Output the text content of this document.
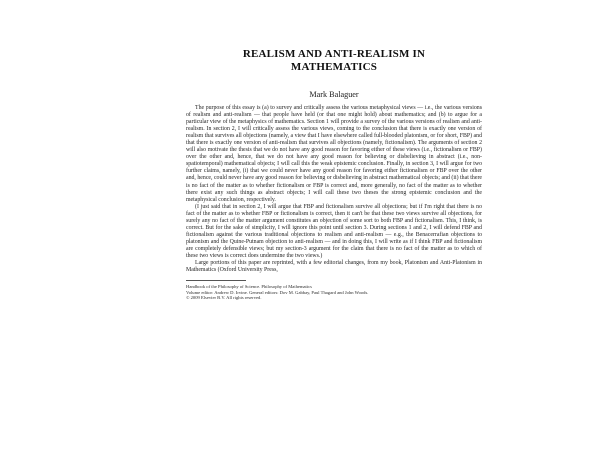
REALISM AND ANTI-REALISM IN
MATHEMATICS
Mark Balaguer

The purpose of this essay is (a) to survey and critically assess the various metaphysical views — i.e., the various versions of realism and anti-realism — that people have held (or that one might hold) about mathematics; and (b) to argue for a particular view of the metaphysics of mathematics. Section 1 will provide a survey of the various versions of realism and anti-realism. In section 2, I will critically assess the various views, coming to the conclusion that there is exactly one version of realism that survives all objections (namely, a view that I have elsewhere called full-blooded platonism, or for short, FBP) and that there is exactly one version of anti-realism that survives all objections (namely, fictionalism). The arguments of section 2 will also motivate the thesis that we do not have any good reason for favoring either of these views (i.e., fictionalism or FBP) over the other and, hence, that we do not have any good reason for believing or disbelieving in abstract (i.e., non-spatiotemporal) mathematical objects; I will call this the weak epistemic conclusion. Finally, in section 3, I will argue for two further claims, namely, (i) that we could never have any good reason for favoring either fictionalism or FBP over the other and, hence, could never have any good reason for believing or disbelieving in abstract mathematical objects; and (ii) that there is no fact of the matter as to whether fictionalism or FBP is correct and, more generally, no fact of the matter as to whether there exist any such things as abstract objects; I will call these two theses the strong epistemic conclusion and the metaphysical conclusion, respectively.

(I just said that in section 2, I will argue that FBP and fictionalism survive all objections; but if I'm right that there is no fact of the matter as to whether FBP or fictionalism is correct, then it can't be that these two views survive all objections, for surely any no fact of the matter argument constitutes an objection of some sort to both FBP and fictionalism. This, I think, is correct. But for the sake of simplicity, I will ignore this point until section 3. During sections 1 and 2, I will defend FBP and fictionalism against the various traditional objections to realism and anti-realism — e.g., the Benacerrafian objections to platonism and the Quine-Putnam objection to anti-realism — and in doing this, I will write as if I think FBP and fictionalism are completely defensible views; but my section-3 argument for the claim that there is no fact of the matter as to which of these two views is correct does undermine the two views.)

Large portions of this paper are reprinted, with a few editorial changes, from my book, Platonism and Anti-Platonism in Mathematics (Oxford University Press,

Handbook of the Philosophy of Science. Philosophy of Mathematics
Volume editor: Andrew D. Irvine. General editors: Dov M. Gabbay, Paul Thagard and John Woods.
© 2009 Elsevier B.V. All rights reserved.
